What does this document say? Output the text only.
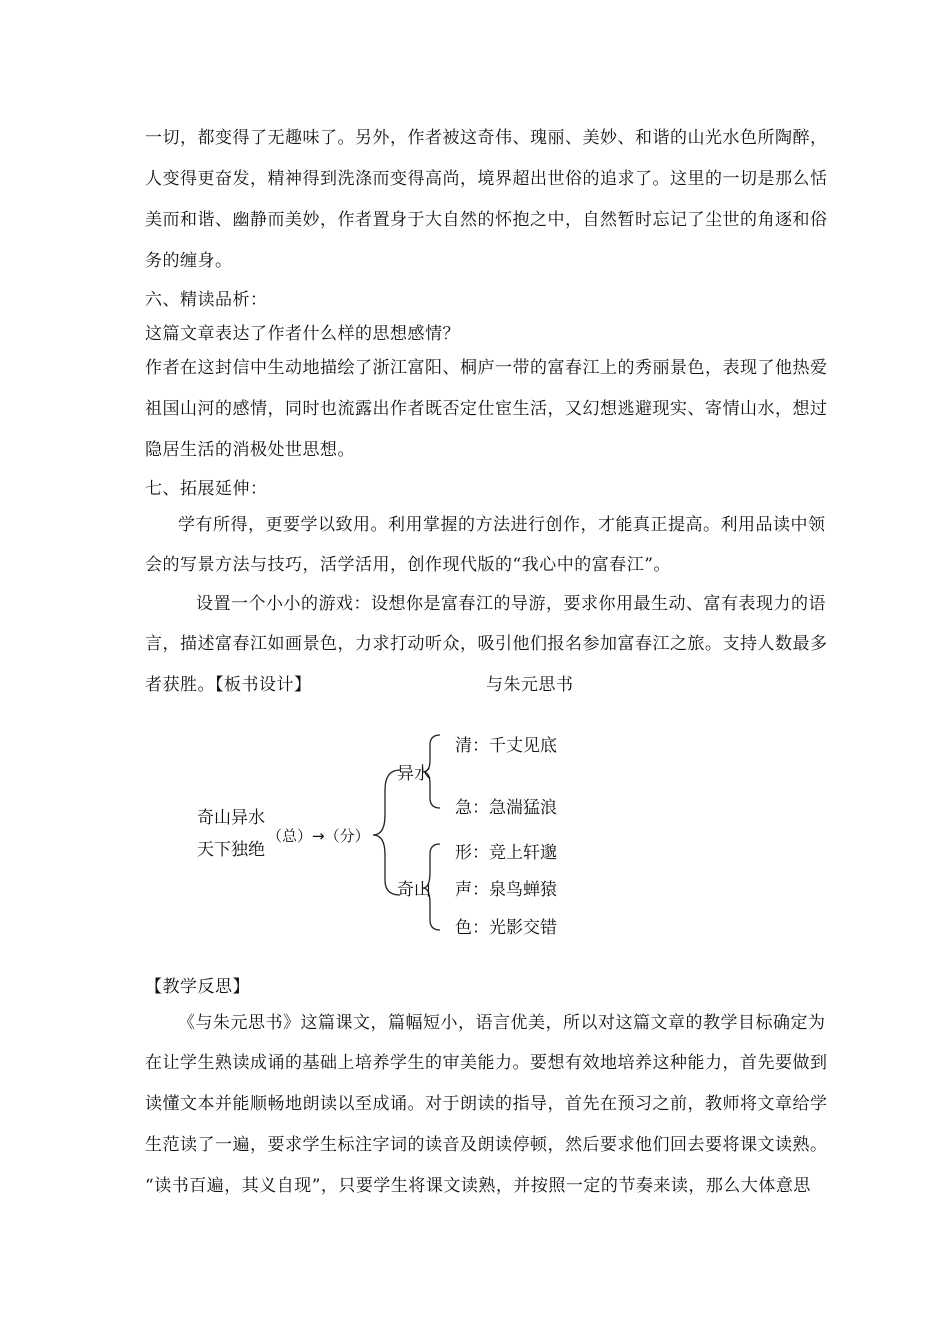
一切，都变得了无趣味了。另外，作者被这奇伟、瑰丽、美妙、和谐的山光水色所陶醉，
人变得更奋发，精神得到洗涤而变得高尚，境界超出世俗的追求了。这里的一切是那么恬
美而和谐、幽静而美妙，作者置身于大自然的怀抱之中，自然暂时忘记了尘世的角逐和俗
务的缠身。
六、精读品析：
这篇文章表达了作者什么样的思想感情？
作者在这封信中生动地描绘了浙江富阳、桐庐一带的富春江上的秀丽景色，表现了他热爱
祖国山河的感情，同时也流露出作者既否定仕宦生活，又幻想逃避现实、寄情山水，想过
隐居生活的消极处世思想。
七、拓展延伸：
学有所得，更要学以致用。利用掌握的方法进行创作，才能真正提高。利用品读中领
会的写景方法与技巧，活学活用，创作现代版的“我心中的富春江”。
设置一个小小的游戏：设想你是富春江的导游，要求你用最生动、富有表现力的语
言，描述富春江如画景色，力求打动听众，吸引他们报名参加富春江之旅。支持人数最多
者获胜。【板书设计】	与朱元思书
奇山异水
天下独绝
（总）→（分）
异水
奇山
清：千丈见底
急：急湍猛浪
形：竞上轩邈
声：泉鸟蝉猿
色：光影交错
【教学反思】
《与朱元思书》这篇课文，篇幅短小，语言优美，所以对这篇文章的教学目标确定为
在让学生熟读成诵的基础上培养学生的审美能力。要想有效地培养这种能力，首先要做到
读懂文本并能顺畅地朗读以至成诵。对于朗读的指导，首先在预习之前，教师将文章给学
生范读了一遍，要求学生标注字词的读音及朗读停顿，然后要求他们回去要将课文读熟。
“读书百遍，其义自现”，只要学生将课文读熟，并按照一定的节奏来读，那么大体意思
